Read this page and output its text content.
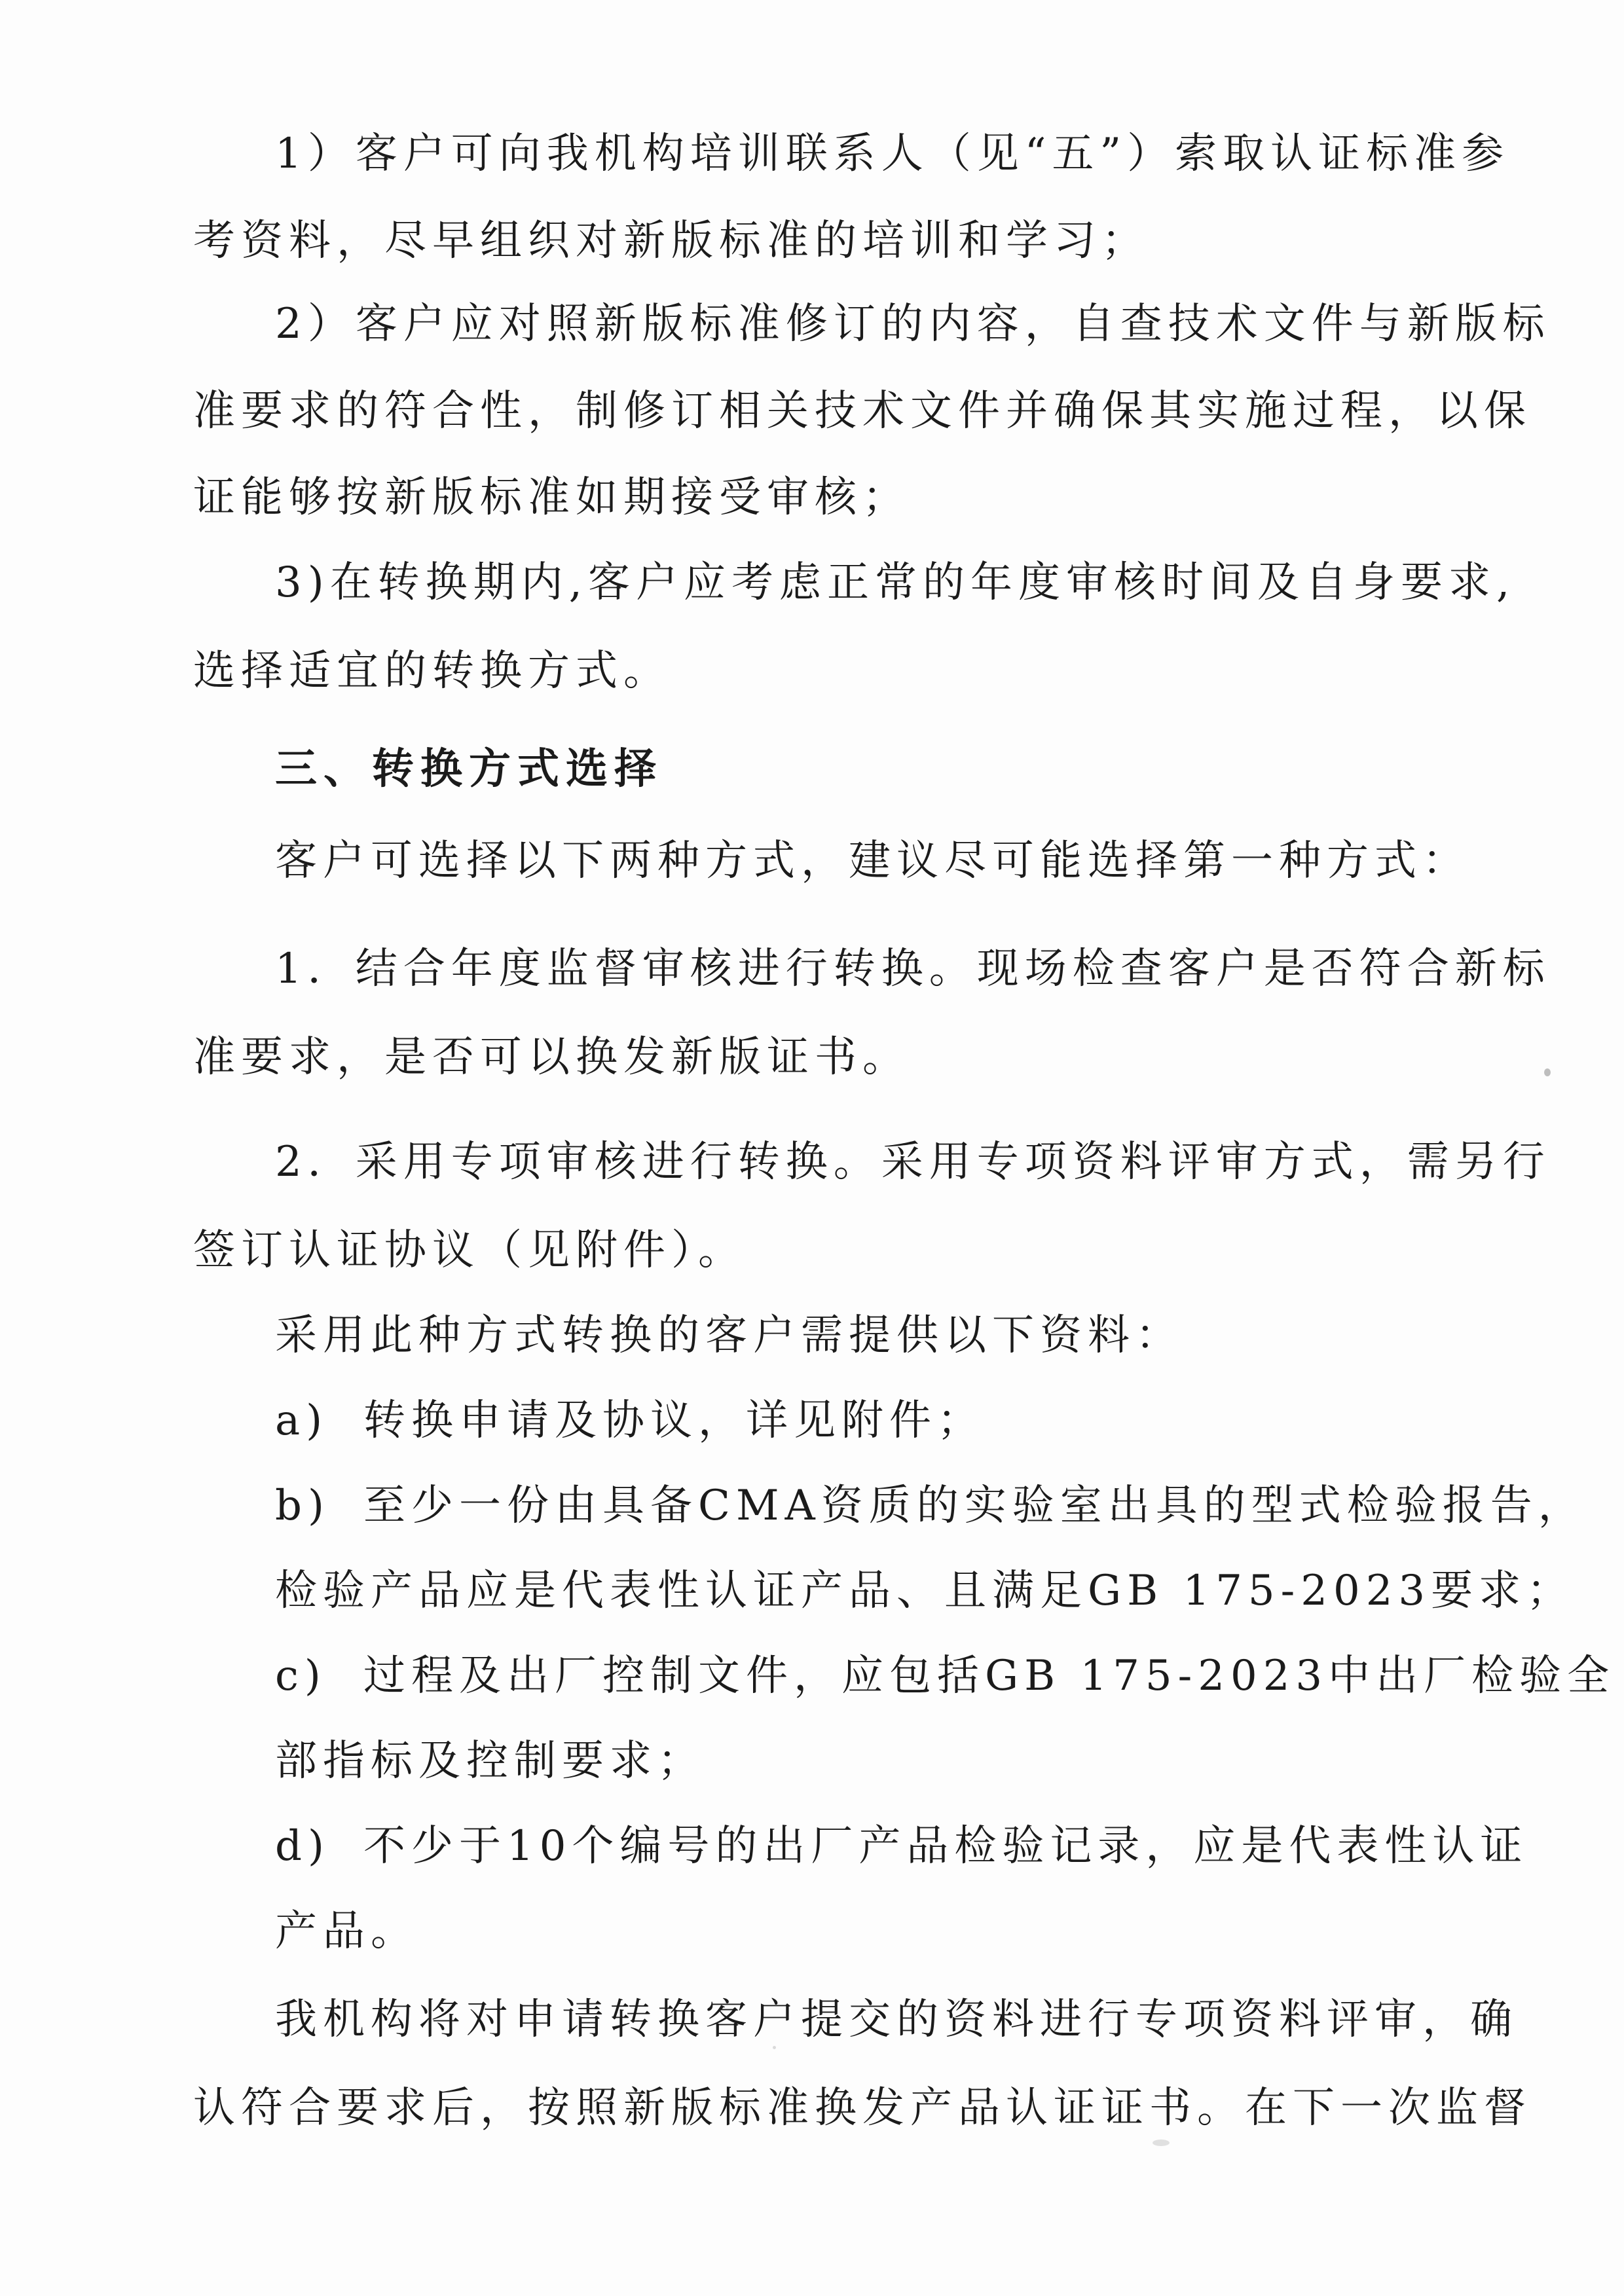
1）客户可向我机构培训联系人（见“五”）索取认证标准参
考资料，尽早组织对新版标准的培训和学习；
2）客户应对照新版标准修订的内容，自查技术文件与新版标
准要求的符合性，制修订相关技术文件并确保其实施过程，以保
证能够按新版标准如期接受审核；
3)在转换期内,客户应考虑正常的年度审核时间及自身要求,
选择适宜的转换方式。
三、转换方式选择
客户可选择以下两种方式，建议尽可能选择第一种方式：
1．结合年度监督审核进行转换。现场检查客户是否符合新标
准要求，是否可以换发新版证书。
2．采用专项审核进行转换。采用专项资料评审方式，需另行
签订认证协议（见附件）。
采用此种方式转换的客户需提供以下资料：
a) 转换申请及协议，详见附件；
b) 至少一份由具备CMA资质的实验室出具的型式检验报告，
检验产品应是代表性认证产品、且满足GB 175-2023要求；
c) 过程及出厂控制文件，应包括GB 175-2023中出厂检验全
部指标及控制要求；
d) 不少于10个编号的出厂产品检验记录，应是代表性认证
产品。
我机构将对申请转换客户提交的资料进行专项资料评审，确
认符合要求后，按照新版标准换发产品认证证书。在下一次监督
